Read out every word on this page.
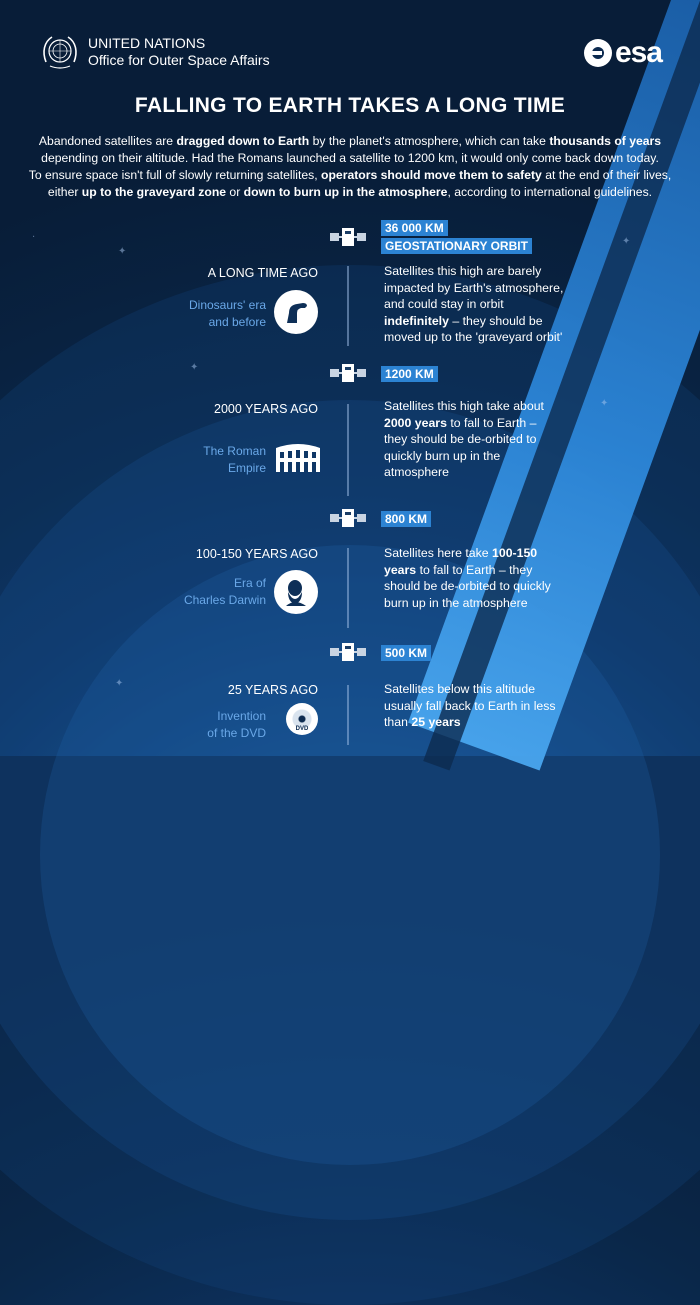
✦
✦
✦
✦
✦
·
UNITED NATIONS
Office for Outer Space Affairs	esa
FALLING TO EARTH TAKES A LONG TIME
Abandoned satellites are dragged down to Earth by the planet's atmosphere, which can take thousands of years
depending on their altitude. Had the Romans launched a satellite to 1200 km, it would only come back down today.
To ensure space isn't full of slowly returning satellites, operators should move them to safety at the end of their lives,
either up to the graveyard zone or down to burn up in the atmosphere, according to international guidelines.
36 000 KM
GEOSTATIONARY ORBIT
1200 KM
800 KM
500 KM
A LONG TIME AGO
Dinosaurs' era
and before
Satellites this high are barely
impacted by Earth's atmosphere,
and could stay in orbit
indefinitely – they should be
moved up to the 'graveyard orbit'
2000 YEARS AGO
The Roman
Empire
Satellites this high take about
2000 years to fall to Earth –
they should be de-orbited to
quickly burn up in the
atmosphere
100-150 YEARS AGO
Era of
Charles Darwin
Satellites here take 100-150
years to fall to Earth – they
should be de-orbited to quickly
burn up in the atmosphere
25 YEARS AGO
Invention
of the DVD	DVD
Satellites below this altitude
usually fall back to Earth in less
than 25 years
